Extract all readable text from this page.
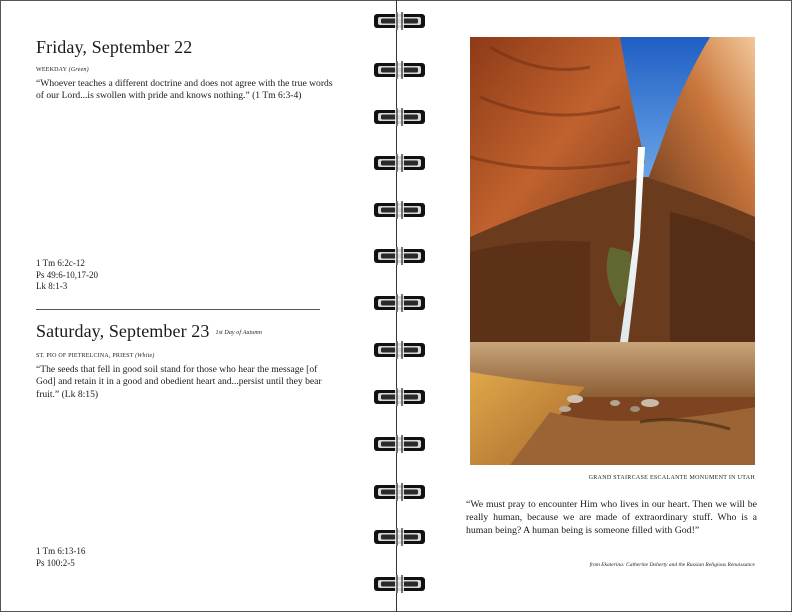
Friday, September 22
WEEKDAY (Green)
“Whoever teaches a different doctrine and does not agree with the true words of our Lord...is swollen with pride and knows nothing.” (1 Tm 6:3-4)
1 Tm 6:2c-12
Ps 49:6-10,17-20
Lk 8:1-3
Saturday, September 23 1st Day of Autumn
ST. PIO OF PIETRELCINA, PRIEST (White)
“The seeds that fell in good soil stand for those who hear the message [of God] and retain it in a good and obedient heart and...persist until they bear fruit.” (Lk 8:15)
1 Tm 6:13-16
Ps 100:2-5
GRAND STAIRCASE ESCALANTE MONUMENT IN UTAH
“We must pray to encounter Him who lives in our heart. Then we will be really human, because we are made of extraordinary stuff. Who is a human being? A human being is someone filled with God!”
from Ekaterina: Catherine Doherty and the Russian Religious Renaissance
